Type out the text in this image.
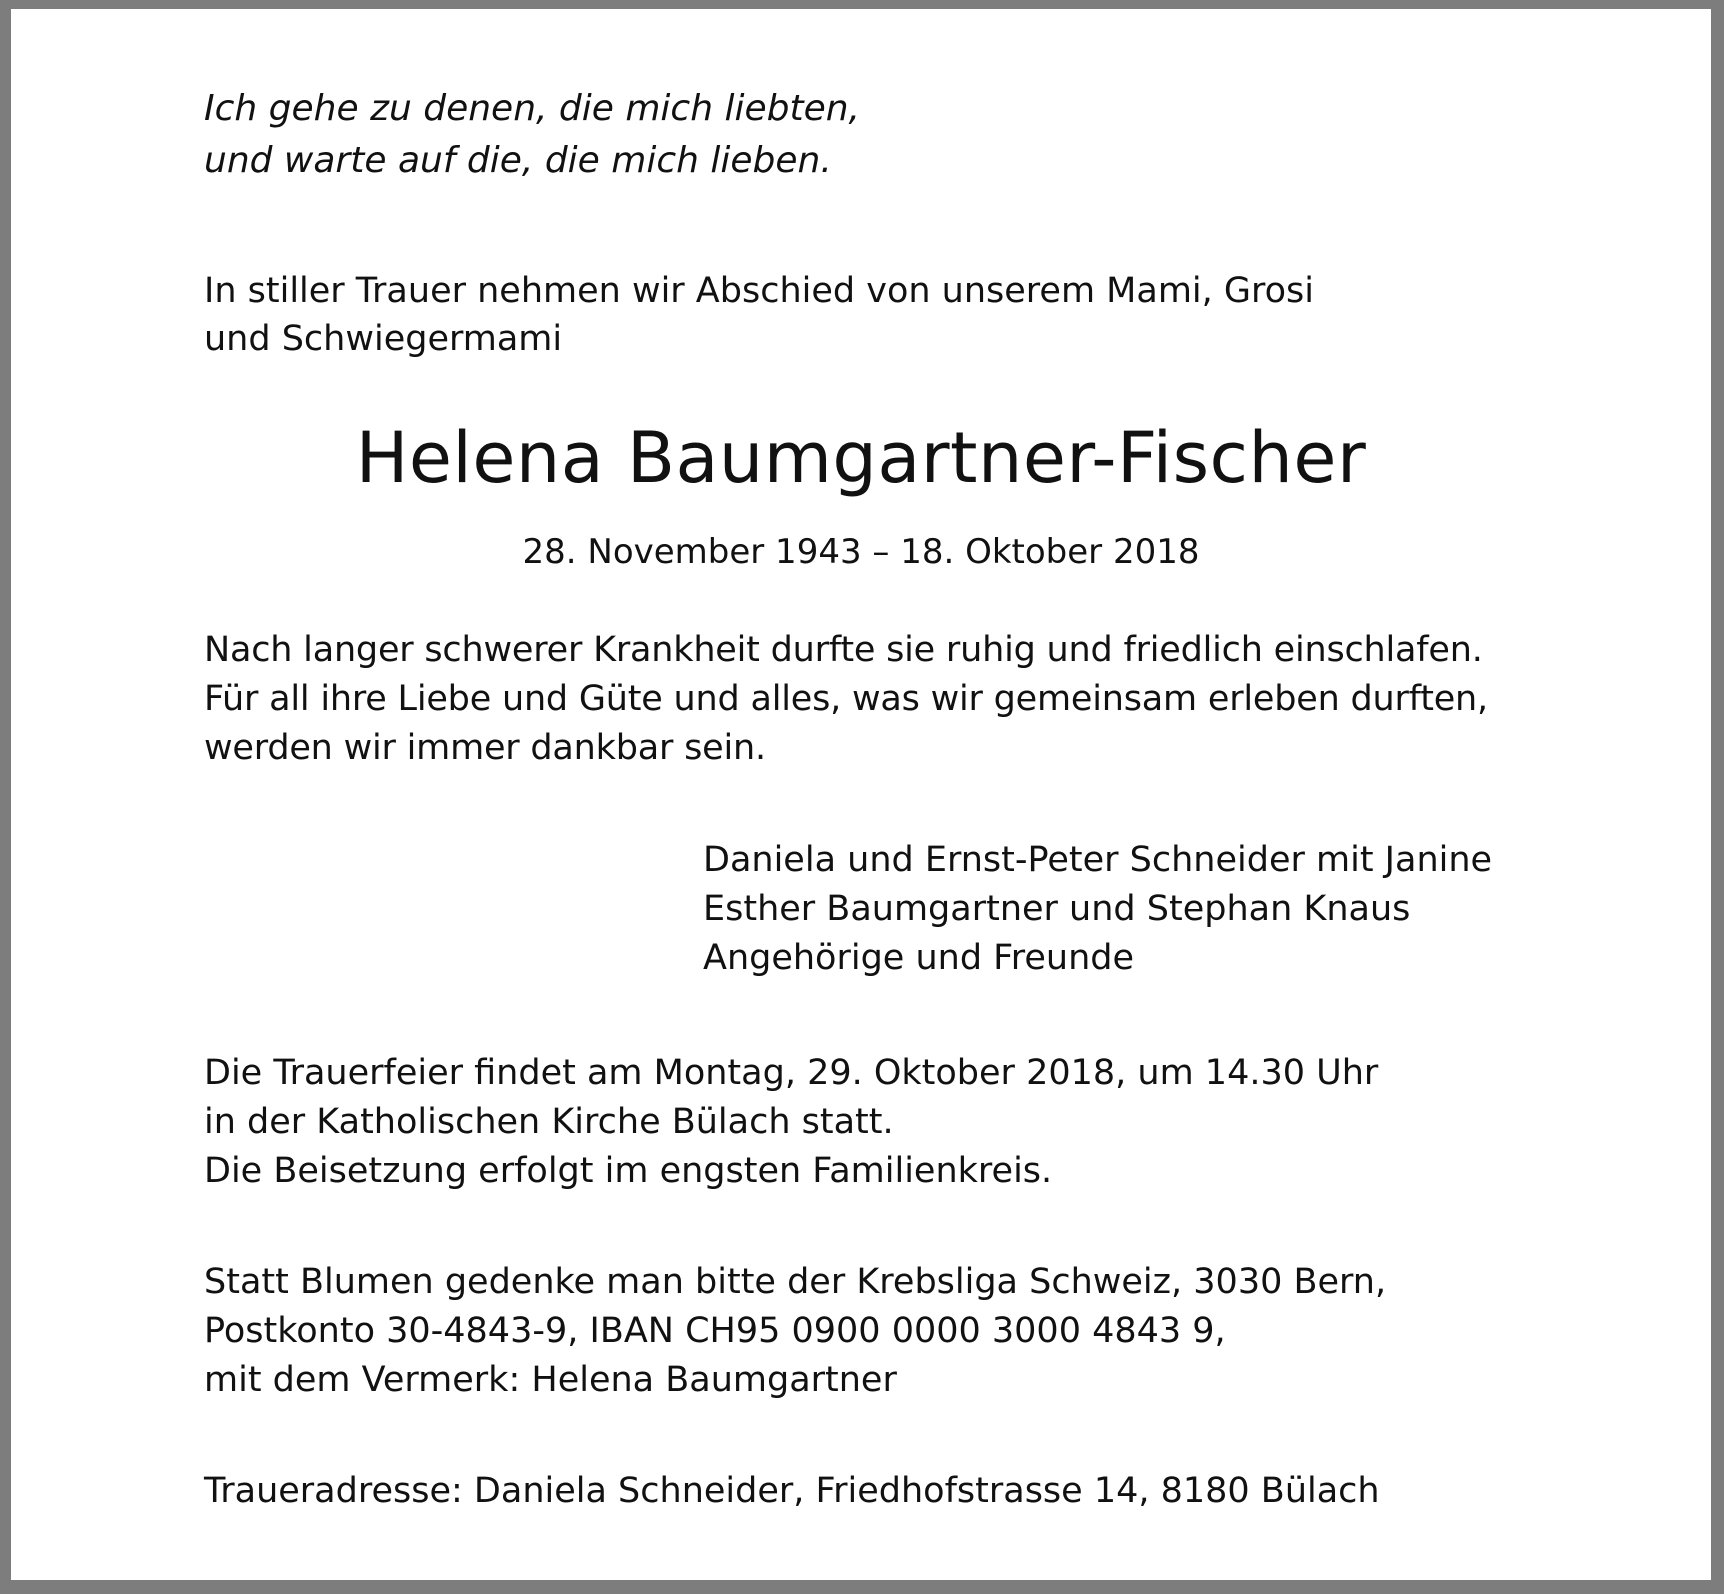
Ich gehe zu denen, die mich liebten,
und warte auf die, die mich lieben.
In stiller Trauer nehmen wir Abschied von unserem Mami, Grosi
und Schwiegermami
Helena Baumgartner-Fischer
28. November 1943 – 18. Oktober 2018
Nach langer schwerer Krankheit durfte sie ruhig und friedlich einschlafen.
Für all ihre Liebe und Güte und alles, was wir gemeinsam erleben durften,
werden wir immer dankbar sein.
Daniela und Ernst-Peter Schneider mit Janine
Esther Baumgartner und Stephan Knaus
Angehörige und Freunde
Die Trauerfeier findet am Montag, 29. Oktober 2018, um 14.30 Uhr
in der Katholischen Kirche Bülach statt.
Die Beisetzung erfolgt im engsten Familienkreis.
Statt Blumen gedenke man bitte der Krebsliga Schweiz, 3030 Bern,
Postkonto 30-4843-9, IBAN CH95 0900 0000 3000 4843 9,
mit dem Vermerk: Helena Baumgartner
Traueradresse: Daniela Schneider, Friedhofstrasse 14, 8180 Bülach
